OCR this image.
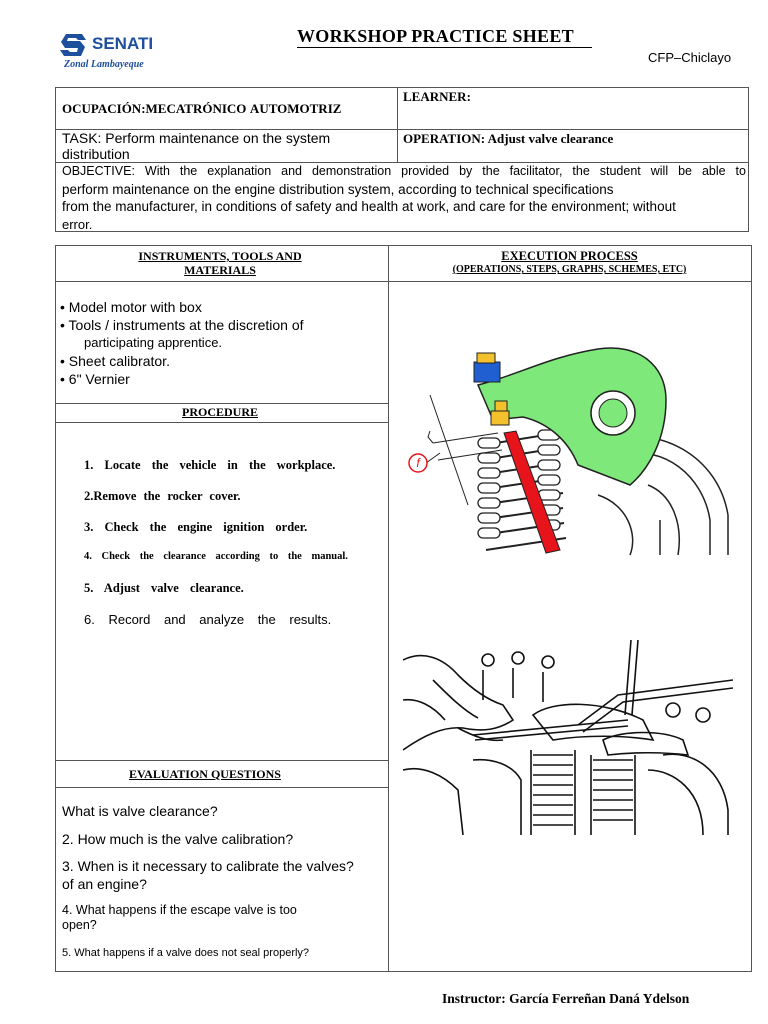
SENATI
Zonal Lambayeque
WORKSHOP PRACTICE SHEET
CFP–Chiclayo
OCUPACIÓN:MECATRÓNICO AUTOMOTRIZ
LEARNER:
TASK: Perform maintenance on the system distribution
OPERATION: Adjust valve clearance
OBJECTIVE: With the explanation and demonstration provided by the facilitator, the student will be able to
perform maintenance on the engine distribution system, according to technical specifications
from the manufacturer, in conditions of safety and health at work, and care for the environment; without
error.
INSTRUMENTS, TOOLS AND
MATERIALS
EXECUTION PROCESS
(OPERATIONS, STEPS, GRAPHS, SCHEMES, ETC)
• Model motor with box
• Tools / instruments at the discretion of
participating apprentice.
• Sheet calibrator.
• 6" Vernier
PROCEDURE
1. Locate the vehicle in the workplace.
2.Remove the rocker cover.
3. Check the engine ignition order.
4. Check the clearance according to the manual.
5. Adjust valve clearance.
6. Record and analyze the results.
EVALUATION QUESTIONS
What is valve clearance?
2. How much is the valve calibration?
3. When is it necessary to calibrate the valves?
of an engine?
4. What happens if the escape valve is too
open?
5. What happens if a valve does not seal properly?
f
Instructor: García Ferreñan Daná Ydelson
